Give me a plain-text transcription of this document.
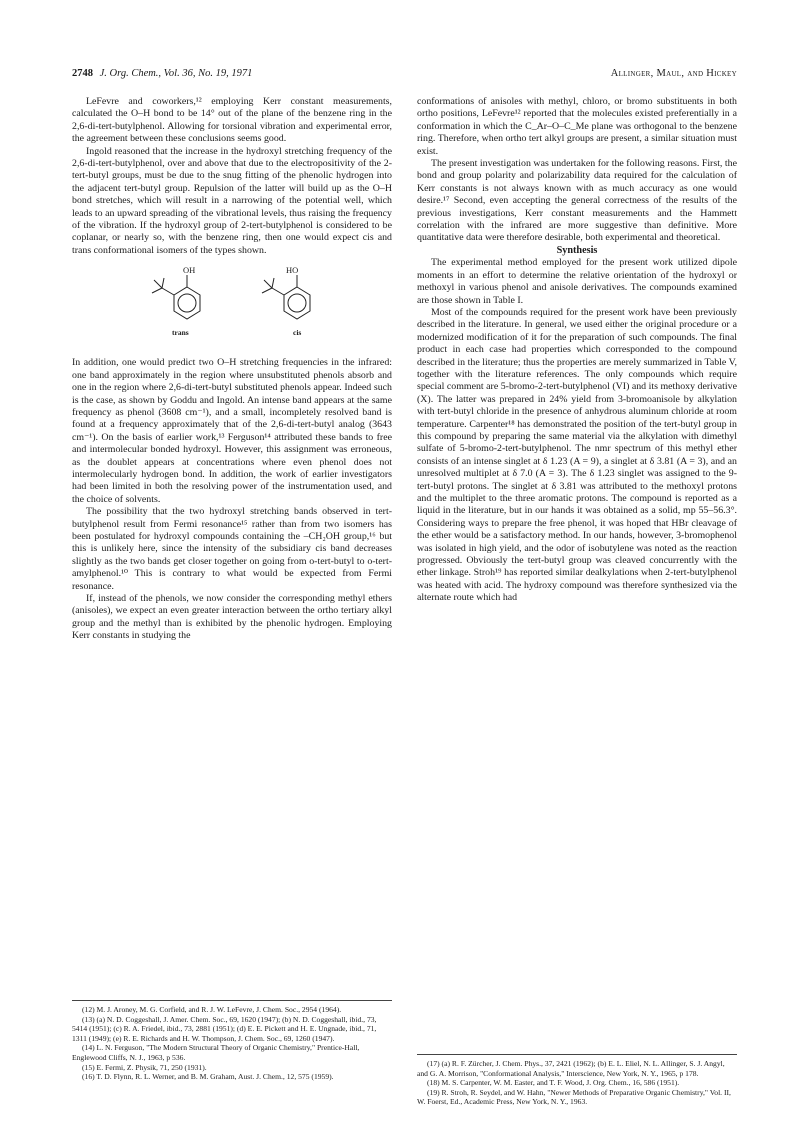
2748 J. Org. Chem., Vol. 36, No. 19, 1971	Allinger, Maul, and Hickey

LeFevre and coworkers,¹² employing Kerr constant measurements, calculated the O–H bond to be 14° out of the plane of the benzene ring in the 2,6-di-tert-butylphenol. Allowing for torsional vibration and experimental error, the agreement between these conclusions seems good.

Ingold reasoned that the increase in the hydroxyl stretching frequency of the 2,6-di-tert-butylphenol, over and above that due to the electropositivity of the 2-tert-butyl groups, must be due to the snug fitting of the phenolic hydrogen into the adjacent tert-butyl group. Repulsion of the latter will build up as the O–H bond stretches, which will result in a narrowing of the potential well, which leads to an upward spreading of the vibrational levels, thus raising the frequency of the vibration. If the hydroxyl group of 2-tert-butylphenol is considered to be coplanar, or nearly so, with the benzene ring, then one would expect cis and trans conformational isomers of the types shown.

OH	HO
trans	cis

In addition, one would predict two O–H stretching frequencies in the infrared: one band approximately in the region where unsubstituted phenols absorb and one in the region where 2,6-di-tert-butyl substituted phenols appear. Indeed such is the case, as shown by Goddu and Ingold. An intense band appears at the same frequency as phenol (3608 cm⁻¹), and a small, incompletely resolved band is found at a frequency approximately that of the 2,6-di-tert-butyl analog (3643 cm⁻¹). On the basis of earlier work,¹³ Ferguson¹⁴ attributed these bands to free and intermolecular bonded hydroxyl. However, this assignment was erroneous, as the doublet appears at concentrations where even phenol does not intermolecularly hydrogen bond. In addition, the work of earlier investigators had been limited in both the resolving power of the instrumentation used, and the choice of solvents.

The possibility that the two hydroxyl stretching bands observed in tert-butylphenol result from Fermi resonance¹⁵ rather than from two isomers has been postulated for hydroxyl compounds containing the –CH₂OH group,¹⁶ but this is unlikely here, since the intensity of the subsidiary cis band decreases slightly as the two bands get closer together on going from o-tert-butyl to o-tert-amylphenol.¹⁰ This is contrary to what would be expected from Fermi resonance.

If, instead of the phenols, we now consider the corresponding methyl ethers (anisoles), we expect an even greater interaction between the ortho tertiary alkyl group and the methyl than is exhibited by the phenolic hydrogen. Employing Kerr constants in studying the

conformations of anisoles with methyl, chloro, or bromo substituents in both ortho positions, LeFevre¹² reported that the molecules existed preferentially in a conformation in which the C_Ar–O–C_Me plane was orthogonal to the benzene ring. Therefore, when ortho tert alkyl groups are present, a similar situation must exist.

The present investigation was undertaken for the following reasons. First, the bond and group polarity and polarizability data required for the calculation of Kerr constants is not always known with as much accuracy as one would desire.¹⁷ Second, even accepting the general correctness of the results of the previous investigations, Kerr constant measurements and the Hammett correlation with the infrared are more suggestive than definitive. More quantitative data were therefore desirable, both experimental and theoretical.

Synthesis

The experimental method employed for the present work utilized dipole moments in an effort to determine the relative orientation of the hydroxyl or methoxyl in various phenol and anisole derivatives. The compounds examined are those shown in Table I.

Most of the compounds required for the present work have been previously described in the literature. In general, we used either the original procedure or a modernized modification of it for the preparation of such compounds. The final product in each case had properties which corresponded to the compound described in the literature; thus the properties are merely summarized in Table V, together with the literature references. The only compounds which require special comment are 5-bromo-2-tert-butylphenol (VI) and its methoxy derivative (X). The latter was prepared in 24% yield from 3-bromoanisole by alkylation with tert-butyl chloride in the presence of anhydrous aluminum chloride at room temperature. Carpenter¹⁸ has demonstrated the position of the tert-butyl group in this compound by preparing the same material via the alkylation with dimethyl sulfate of 5-bromo-2-tert-butylphenol. The nmr spectrum of this methyl ether consists of an intense singlet at δ 1.23 (A = 9), a singlet at δ 3.81 (A = 3), and an unresolved multiplet at δ 7.0 (A = 3). The δ 1.23 singlet was assigned to the 9-tert-butyl protons. The singlet at δ 3.81 was attributed to the methoxyl protons and the multiplet to the three aromatic protons. The compound is reported as a liquid in the literature, but in our hands it was obtained as a solid, mp 55–56.3°. Considering ways to prepare the free phenol, it was hoped that HBr cleavage of the ether would be a satisfactory method. In our hands, however, 3-bromophenol was isolated in high yield, and the odor of isobutylene was noted as the reaction progressed. Obviously the tert-butyl group was cleaved concurrently with the ether linkage. Stroh¹⁹ has reported similar dealkylations when 2-tert-butylphenol was heated with acid. The hydroxy compound was therefore synthesized via the alternate route which had

(12) M. J. Aroney, M. G. Corfield, and R. J. W. LeFevre, J. Chem. Soc., 2954 (1964).

(13) (a) N. D. Coggeshall, J. Amer. Chem. Soc., 69, 1620 (1947); (b) N. D. Coggeshall, ibid., 73, 5414 (1951); (c) R. A. Friedel, ibid., 73, 2881 (1951); (d) E. E. Pickett and H. E. Ungnade, ibid., 71, 1311 (1949); (e) R. E. Richards and H. W. Thompson, J. Chem. Soc., 69, 1260 (1947).

(14) L. N. Ferguson, "The Modern Structural Theory of Organic Chemistry," Prentice-Hall, Englewood Cliffs, N. J., 1963, p 536.

(15) E. Fermi, Z. Physik, 71, 250 (1931).

(16) T. D. Flynn, R. L. Werner, and B. M. Graham, Aust. J. Chem., 12, 575 (1959).

(17) (a) R. F. Zürcher, J. Chem. Phys., 37, 2421 (1962); (b) E. L. Eliel, N. L. Allinger, S. J. Angyl, and G. A. Morrison, "Conformational Analysis," Interscience, New York, N. Y., 1965, p 178.

(18) M. S. Carpenter, W. M. Easter, and T. F. Wood, J. Org. Chem., 16, 586 (1951).

(19) R. Stroh, R. Seydel, and W. Hahn, "Newer Methods of Preparative Organic Chemistry," Vol. II, W. Foerst, Ed., Academic Press, New York, N. Y., 1963.
